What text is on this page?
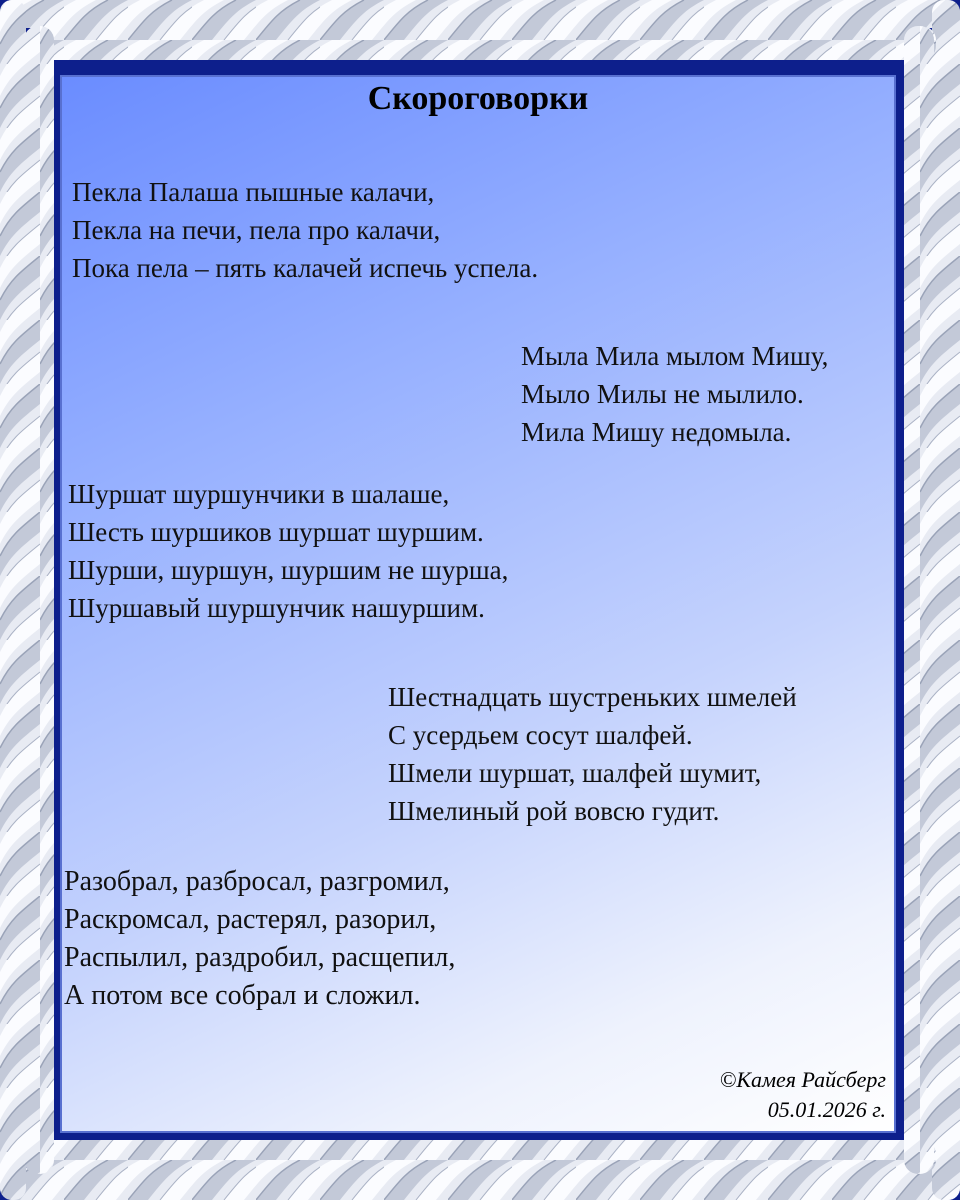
Скороговорки
Пекла Палаша пышные калачи,
Пекла на печи, пела про калачи,
Пока пела – пять калачей испечь успела.
Мыла Мила мылом Мишу,
Мыло Милы не мылило.
Мила Мишу недомыла.
Шуршат шуршунчики в шалаше,
Шесть шуршиков шуршат шуршим.
Шурши, шуршун, шуршим не шурша,
Шуршавый шуршунчик нашуршим.
Шестнадцать шустреньких шмелей
С усердьем сосут шалфей.
Шмели шуршат, шалфей шумит,
Шмелиный рой вовсю гудит.
Разобрал, разбросал, разгромил,
Раскромсал, растерял, разорил,
Распылил, раздробил, расщепил,
А потом все собрал и сложил.
©Камея Райсберг
05.01.2026 г.
